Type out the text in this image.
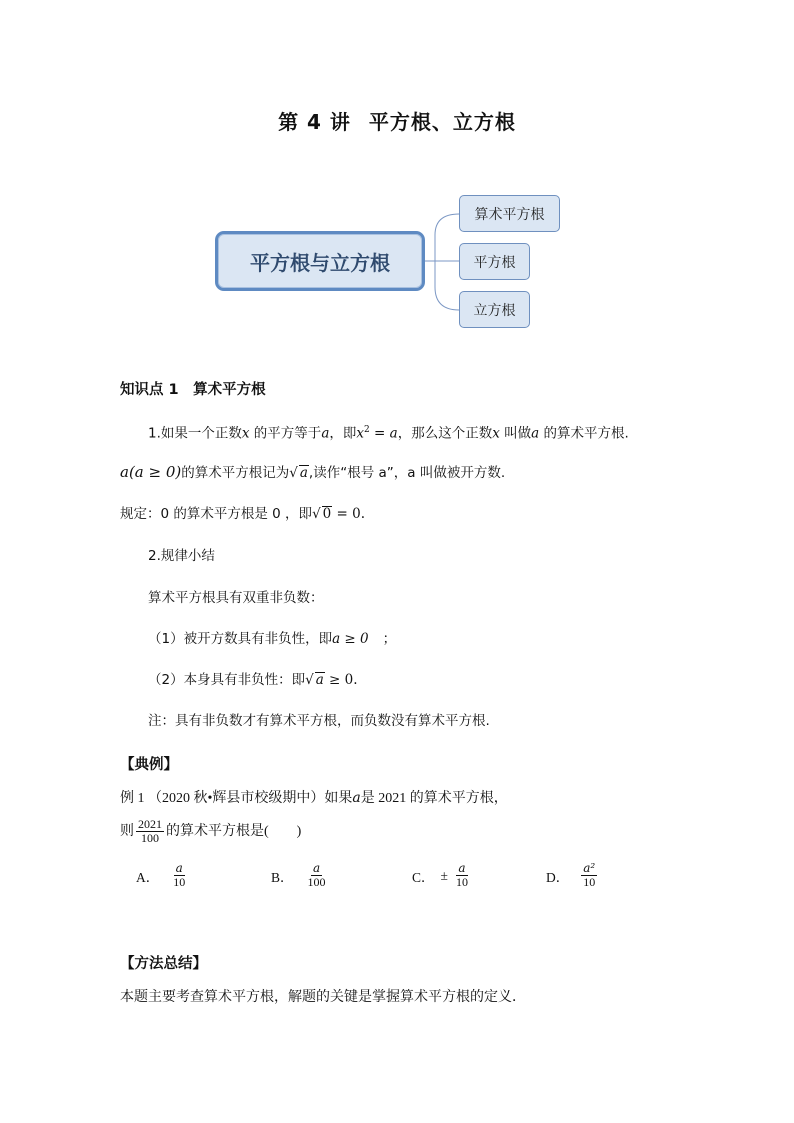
第 4 讲 平方根、立方根
平方根与立方根
算术平方根
平方根
立方根
知识点 1　算术平方根
1.如果一个正数x 的平方等于a，即$x^2 = a$，那么这个正数x 叫做a 的算术平方根.
a(a ≥ 0)的算术平方根记为√ a,读作“根号 a”，a 叫做被开方数.
规定：0 的算术平方根是 0 ，即√ 0 = 0.
2.规律小结
算术平方根具有双重非负数：
（1）被开方数具有非负性，即a ≥ 0 ；
（2）本身具有非负性：即√ a ≥ 0.
注：具有非负数才有算术平方根，而负数没有算术平方根.
【典例】
例 1 （2020 秋•辉县市校级期中）如果a是 2021 的算术平方根，
则 $\frac{2021}{100}$ 的算术平方根是(　　)
A． $\frac{a}{10}$	B． $\frac{a}{100}$	C． ± $\frac{a}{10}$	D． $\frac{\text{a²}}{10}$
【方法总结】
本题主要考查算术平方根，解题的关键是掌握算术平方根的定义．
